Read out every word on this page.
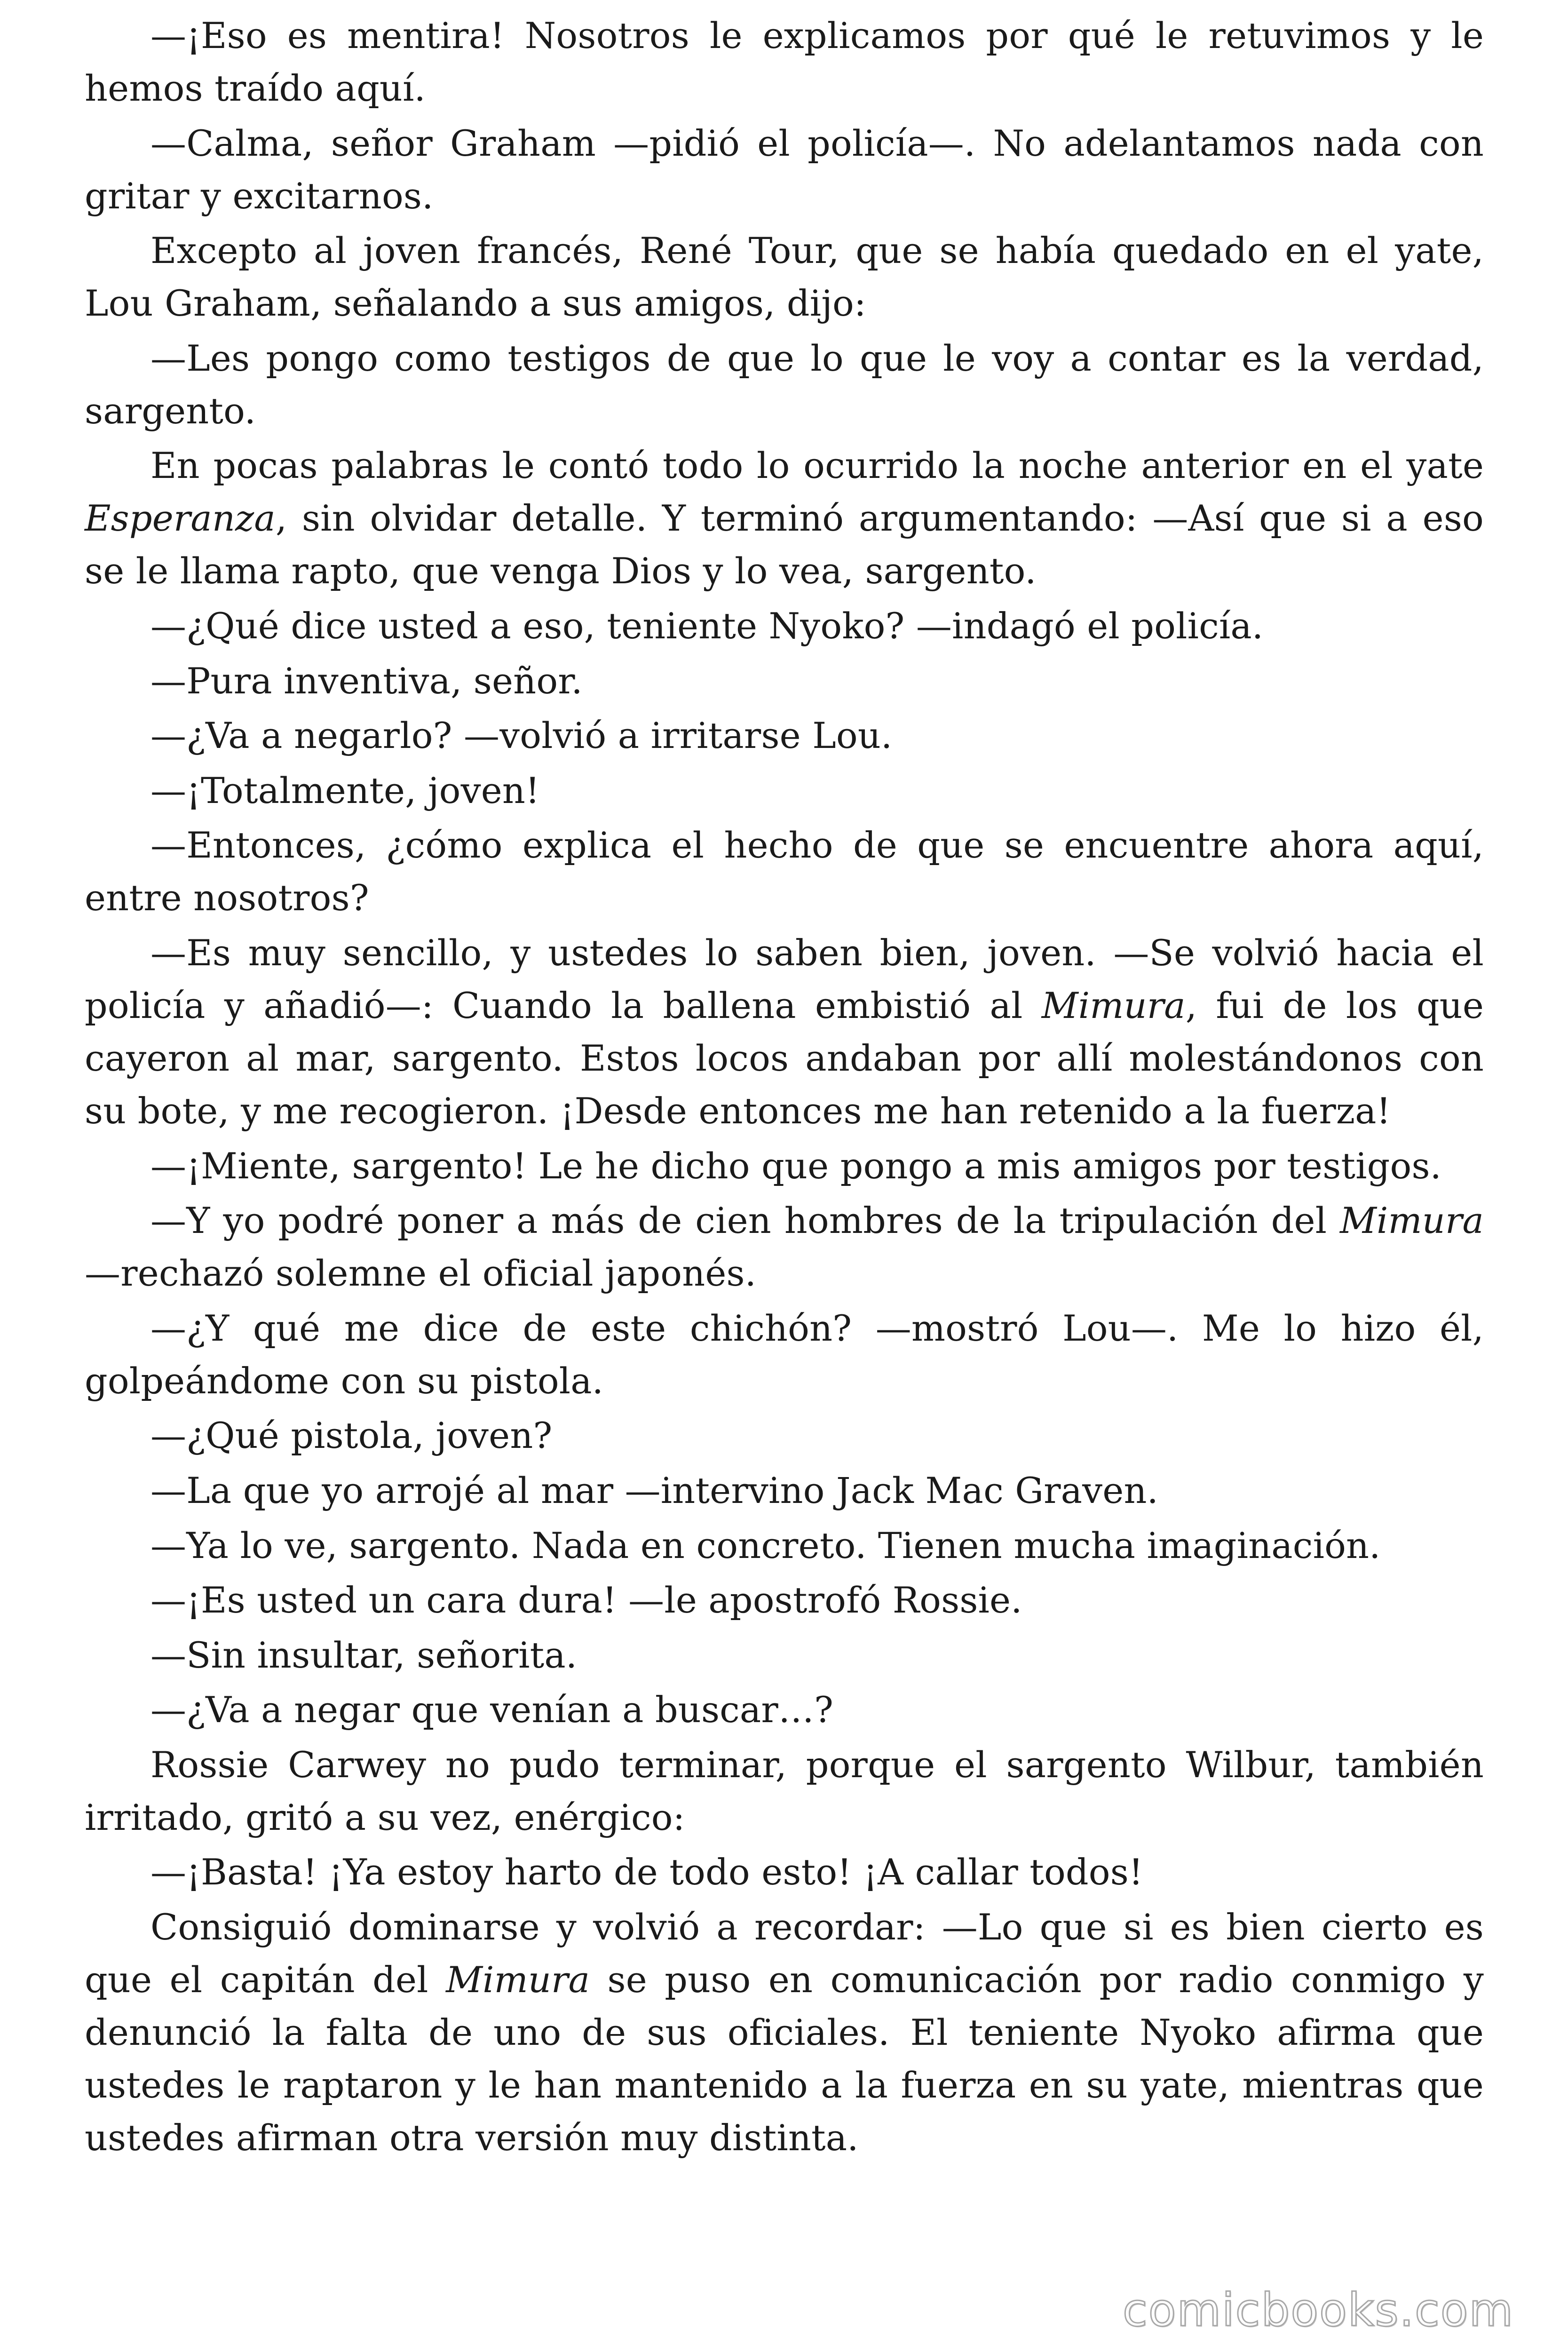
—¡Eso es mentira! Nosotros le explicamos por qué le retuvimos y le hemos traído aquí.

—Calma, señor Graham —pidió el policía—. No adelantamos nada con gritar y excitarnos.

Excepto al joven francés, René Tour, que se había quedado en el yate, Lou Graham, señalando a sus amigos, dijo:

—Les pongo como testigos de que lo que le voy a contar es la verdad, sargento.

En pocas palabras le contó todo lo ocurrido la noche anterior en el yate Esperanza, sin olvidar detalle. Y terminó argumentando: —Así que si a eso se le llama rapto, que venga Dios y lo vea, sargento.

—¿Qué dice usted a eso, teniente Nyoko? —indagó el policía.

—Pura inventiva, señor.

—¿Va a negarlo? —volvió a irritarse Lou.

—¡Totalmente, joven!

—Entonces, ¿cómo explica el hecho de que se encuentre ahora aquí, entre nosotros?

—Es muy sencillo, y ustedes lo saben bien, joven. —Se volvió hacia el policía y añadió—: Cuando la ballena embistió al Mimura, fui de los que cayeron al mar, sargento. Estos locos andaban por allí molestándonos con su bote, y me recogieron. ¡Desde entonces me han retenido a la fuerza!

—¡Miente, sargento! Le he dicho que pongo a mis amigos por testigos.

—Y yo podré poner a más de cien hombres de la tripulación del Mimura —rechazó solemne el oficial japonés.

—¿Y qué me dice de este chichón? —mostró Lou—. Me lo hizo él, golpeándome con su pistola.

—¿Qué pistola, joven?

—La que yo arrojé al mar —intervino Jack Mac Graven.

—Ya lo ve, sargento. Nada en concreto. Tienen mucha imaginación.

—¡Es usted un cara dura! —le apostrofó Rossie.

—Sin insultar, señorita.

—¿Va a negar que venían a buscar…?

Rossie Carwey no pudo terminar, porque el sargento Wilbur, también irritado, gritó a su vez, enérgico:

—¡Basta! ¡Ya estoy harto de todo esto! ¡A callar todos!

Consiguió dominarse y volvió a recordar: —Lo que si es bien cierto es que el capitán del Mimura se puso en comunicación por radio conmigo y denunció la falta de uno de sus oficiales. El teniente Nyoko afirma que ustedes le raptaron y le han mantenido a la fuerza en su yate, mientras que ustedes afirman otra versión muy distinta.

comicbooks.com
